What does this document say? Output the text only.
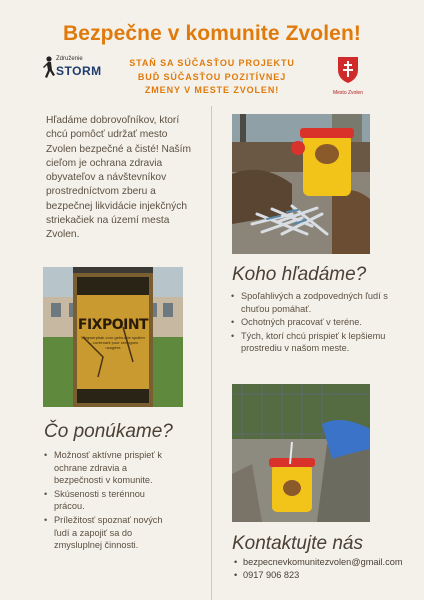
Bezpečne v komunite Zvolen!
Združenie
STORM
STAŇ SA SÚČASŤOU PROJEKTU
BUĎ SÚČASŤOU POZITÍVNEJ
ZMENY V MESTE ZVOLEN!	Mesto Zvolen
Hľadáme dobrovoľníkov, ktorí chcú pomôcť udržať mesto Zvolen bezpečné a čisté! Naším cieľom je ochrana zdravia obyvateľov a návštevníkov prostredníctvom zberu a bezpečnej likvidácie injekčných striekačiek na území mesta Zvolen.
Koho hľadáme?
• Spoľahlivých a zodpovedných ľudí s chuťou pomáhať.
• Ochotných pracovať v teréne.
• Tých, ktorí chcú prispieť k lepšiemu prostrediu v našom meste.
FIXPOINT
Wegwerpbak voor gebruikte spuiten — contenant pour seringues usagées
Čo ponúkame?
• Možnosť aktívne prispieť k ochrane zdravia a bezpečnosti v komunite.
• Skúsenosti s terénnou prácou.
• Príležitosť spoznať nových ľudí a zapojiť sa do zmysluplnej činnosti.	Kontaktujte nás
• bezpecnevkomunitezvolen@gmail.com
• 0917 906 823
